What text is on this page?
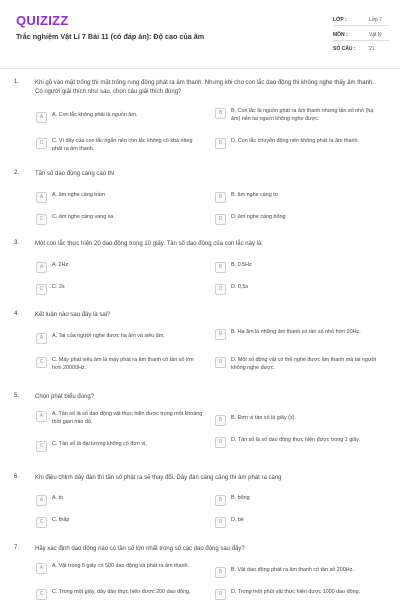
QUIZIZZ
Trắc nghiệm Vật Lí 7 Bài 11 (có đáp án): Độ cao của âm
LỚP :	Lớp 7
MÔN :	Vật lý
SỐ CÂU :	21
1.	Khi gõ vào mặt trống thì mặt trống rung động phát ra âm thanh. Nhưng khi cho con lắc dao động thì không nghe thấy âm thanh. Có người giải thích như sau, chọn câu giải thích đúng?
A	A. Con lắc không phải là nguồn âm.	B	B. Con lắc là nguồn phát ra âm thanh nhưng tần số nhỏ (hạ âm) nên tai người không nghe được.
C	C. Vì dây của con lắc ngắn nên con lắc không có khả năng phát ra âm thanh.
D	D. Con lắc chuyển động nên không phát ra âm thanh.
2.	Tần số dao động càng cao thì
A	A. âm nghe càng trầm	B	B. âm nghe càng to
C	C. âm nghe càng vang xa	D	D. âm nghe càng bổng
3.	Một con lắc thực hiện 20 dao động trong 10 giây. Tần số dao động của con lắc này là:
A	A. 2Hz	B	B. 0,5Hz
C	C. 2s	D	D. 0,5s
4.	Kết luận nào sau đây là sai?
A	A. Tai của người nghe được hạ âm và siêu âm.	B	B. Hạ âm là những âm thanh có tần số nhỏ hơn 20Hz.
C	C. Máy phát siêu âm là máy phát ra âm thanh có tần số lớn hơn 20000Hz.
D	D. Một số động vật có thể nghe được âm thanh mà tai người không nghe được.
5.	Chọn phát biểu đúng?
A	A. Tần số là số dao động vật thực hiện được trong một khoảng thời gian nào đó.	B	B. Đơn vị tần số là giây (s).
C	C. Tần số là đại lượng không có đơn vị.	D	D. Tần số là số dao động thực hiện được trong 1 giây.
6.	Khi điều chỉnh dây đàn thì tần số phát ra sẽ thay đổi. Dây đàn càng căng thì âm phát ra càng
A	A. to	B	B. bổng
C	C. thấp	D	D. bé
7.	Hãy xác định dao động nào có tần số lớn nhất trong số các dao động sau đây?
A	A. Vật trong 5 giây có 500 dao động và phát ra âm thanh.
B	B. Vật dao động phát ra âm thanh có tần số 200Hz.
C	C. Trong một giây, dây đàn thực hiện được 200 dao động.	D	D. Trong một phút vật thực hiện được 1000 dao động.
